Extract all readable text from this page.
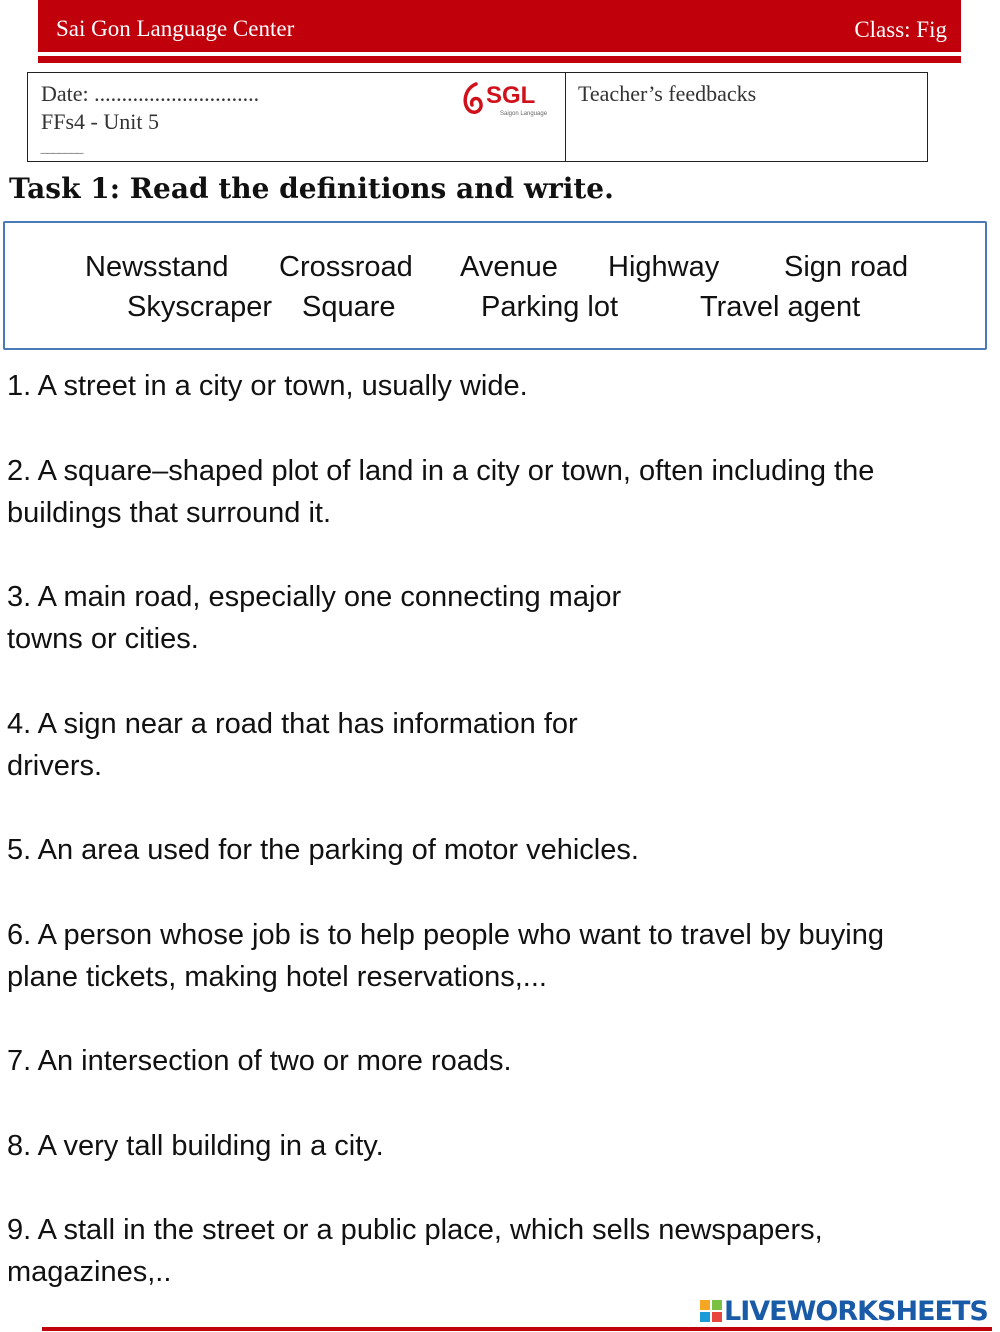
Sai Gon Language Center	Class: Fig
Date: ..............................
FFs4 - Unit 5
SGL
Saigon Language
‾‾‾‾‾‾‾
Teacher’s feedbacks
Task 1: Read the definitions and write.
Newsstand Crossroad Avenue Highway Sign road
Skyscraper Square	Parking lot	Travel agent
1. A street in a city or town, usually wide.
2. A square–shaped plot of land in a city or town, often including the
buildings that surround it.
3. A main road, especially one connecting major
towns or cities.
4. A sign near a road that has information for
drivers.
5. An area used for the parking of motor vehicles.
6. A person whose job is to help people who want to travel by buying
plane tickets, making hotel reservations,...
7. An intersection of two or more roads.
8. A very tall building in a city.
9. A stall in the street or a public place, which sells newspapers,
magazines,..
LIVEWORKSHEETS
